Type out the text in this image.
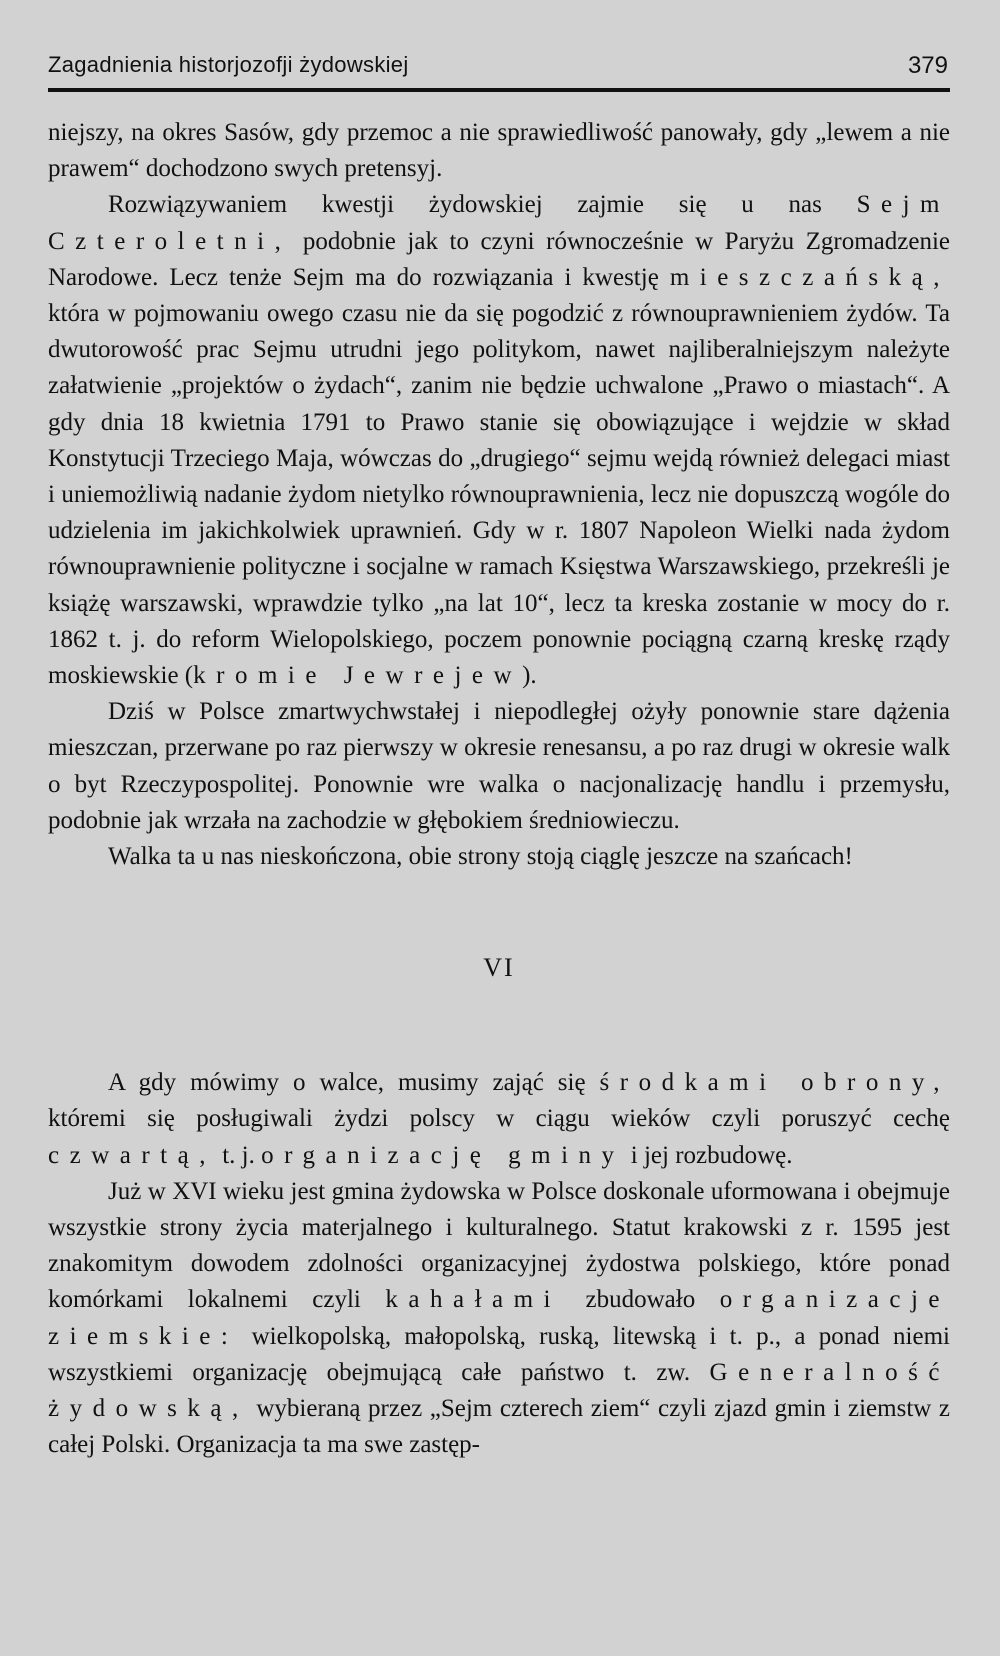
Zagadnienia historjozofji żydowskiej	379

niejszy, na okres Sasów, gdy przemoc a nie sprawiedliwość panowały, gdy „lewem a nie prawem“ dochodzono swych pretensyj.

Rozwiązywaniem kwestji żydowskiej zajmie się u nas Sejm Czteroletni, podobnie jak to czyni równocześnie w Paryżu Zgromadzenie Narodowe. Lecz tenże Sejm ma do rozwiązania i kwestję mieszczańską, która w pojmowaniu owego czasu nie da się pogodzić z równouprawnieniem żydów. Ta dwutorowość prac Sejmu utrudni jego politykom, nawet najliberalniejszym należyte załatwienie „projektów o żydach“, zanim nie będzie uchwalone „Prawo o miastach“. A gdy dnia 18 kwietnia 1791 to Prawo stanie się obowiązujące i wejdzie w skład Konstytucji Trzeciego Maja, wówczas do „drugiego“ sejmu wejdą również delegaci miast i uniemożliwią nadanie żydom nietylko równouprawnienia, lecz nie dopuszczą wogóle do udzielenia im jakichkolwiek uprawnień. Gdy w r. 1807 Napoleon Wielki nada żydom równouprawnienie polityczne i socjalne w ramach Księstwa Warszawskiego, przekreśli je książę warszawski, wprawdzie tylko „na lat 10“, lecz ta kreska zostanie w mocy do r. 1862 t. j. do reform Wielopolskiego, poczem ponownie pociągną czarną kreskę rządy moskiewskie (kromie Jewrejew).

Dziś w Polsce zmartwychwstałej i niepodległej ożyły ponownie stare dążenia mieszczan, przerwane po raz pierwszy w okresie renesansu, a po raz drugi w okresie walk o byt Rzeczypospolitej. Ponownie wre walka o nacjonalizację handlu i przemysłu, podobnie jak wrzała na zachodzie w głębokiem średniowieczu.

Walka ta u nas nieskończona, obie strony stoją ciąglę jeszcze na szańcach!

VI

A gdy mówimy o walce, musimy zająć się środkami obrony, któremi się posługiwali żydzi polscy w ciągu wieków czyli poruszyć cechę czwartą, t. j. organizację gminy i jej rozbudowę.

Już w XVI wieku jest gmina żydowska w Polsce doskonale uformowana i obejmuje wszystkie strony życia materjalnego i kulturalnego. Statut krakowski z r. 1595 jest znakomitym dowodem zdolności organizacyjnej żydostwa polskiego, które ponad komórkami lokalnemi czyli kahałami zbudowało organizacje ziemskie: wielkopolską, małopolską, ruską, litewską i t. p., a ponad niemi wszystkiemi organizację obejmującą całe państwo t. zw. Generalność żydowską, wybieraną przez „Sejm czterech ziem“ czyli zjazd gmin i ziemstw z całej Polski. Organizacja ta ma swe zastęp-
